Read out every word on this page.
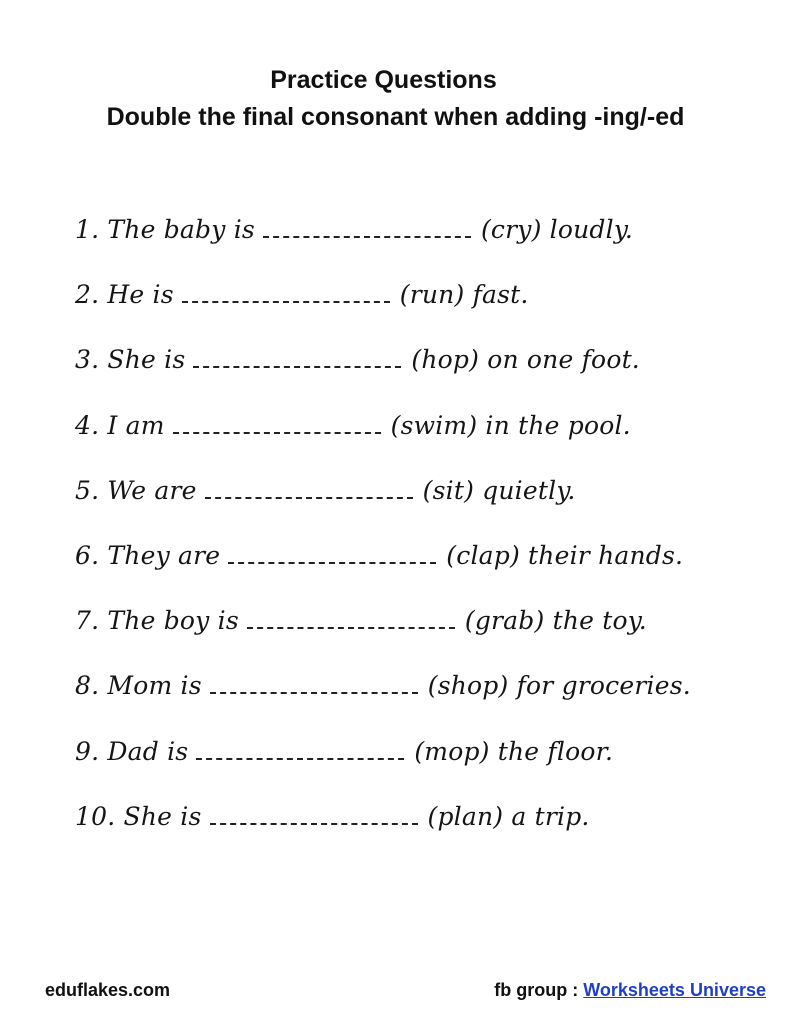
Practice Questions
Double the final consonant when adding -ing/-ed
1. The baby is	(cry) loudly.
2. He is	(run) fast.
3. She is	(hop) on one foot.
4. I am	(swim) in the pool.
5. We are	(sit) quietly.
6. They are	(clap) their hands.
7. The boy is	(grab) the toy.
8. Mom is	(shop) for groceries.
9. Dad is	(mop) the floor.
10. She is	(plan) a trip.
eduflakes.com	fb group : Worksheets Universe
